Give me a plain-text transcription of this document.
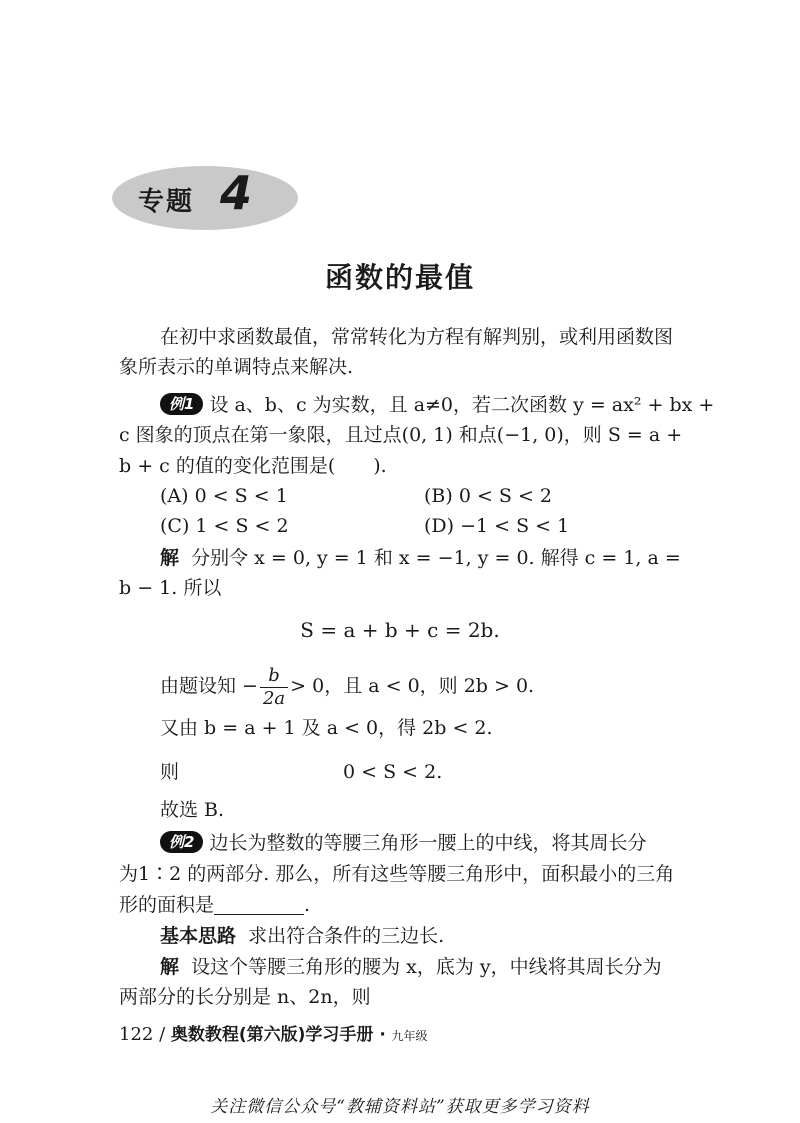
专题 4
函数的最值
在初中求函数最值，常常转化为方程有解判别，或利用函数图
象所表示的单调特点来解决.
例1 设 a、b、c 为实数，且 a≠0，若二次函数 y = ax² + bx +
c 图象的顶点在第一象限，且过点(0, 1) 和点(−1, 0)，则 S = a +
b + c 的值的变化范围是(　　).
(A) 0 < S < 1	(B) 0 < S < 2
(C) 1 < S < 2	(D) −1 < S < 1
解 分别令 x = 0, y = 1 和 x = −1, y = 0. 解得 c = 1, a =
b − 1. 所以
S = a + b + c = 2b.
由题设知 − $\frac{b}{2a} > 0$，且 a < 0，则 2b > 0.
又由 b = a + 1 及 a < 0，得 2b < 2.
则	0 < S < 2.
故选 B.
例2 边长为整数的等腰三角形一腰上的中线，将其周长分
为1∶2 的两部分. 那么，所有这些等腰三角形中，面积最小的三角
形的面积是	.
基本思路 求出符合条件的三边长.
解 设这个等腰三角形的腰为 x，底为 y，中线将其周长分为
两部分的长分别是 n、2n，则
122 / 奥数教程(第六版)学习手册 · 九年级
关注微信公众号“教辅资料站”获取更多学习资料
